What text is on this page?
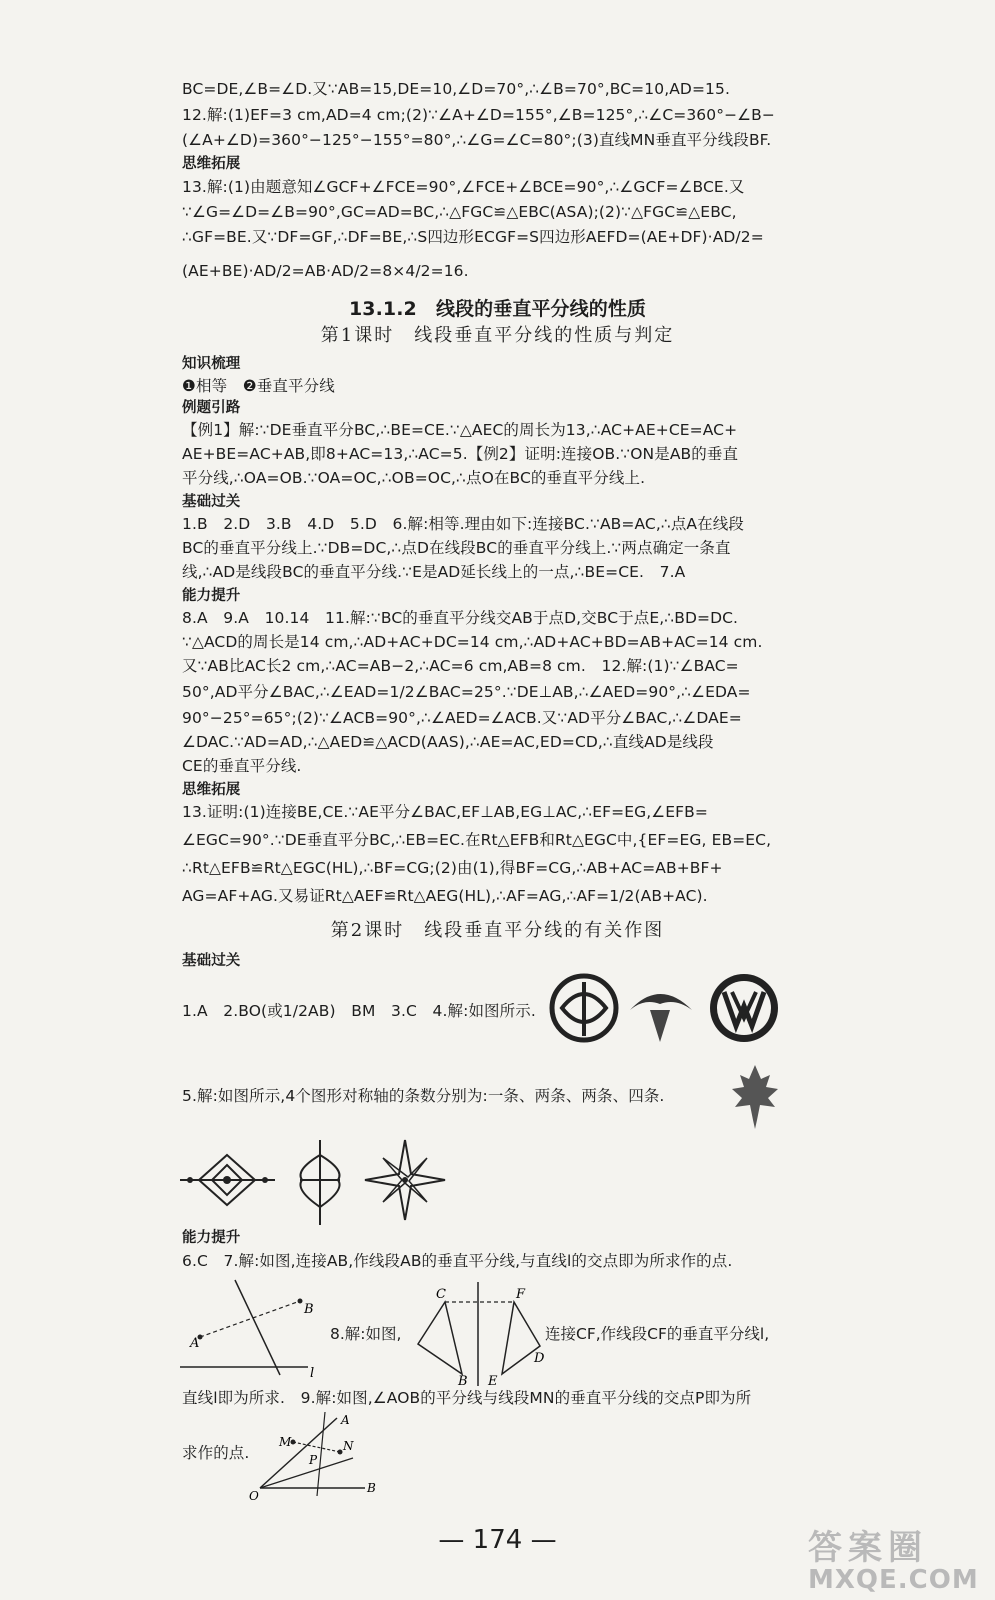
BC=DE,∠B=∠D.又∵AB=15,DE=10,∠D=70°,∴∠B=70°,BC=10,AD=15.
12.解:(1)EF=3 cm,AD=4 cm;(2)∵∠A+∠D=155°,∠B=125°,∴∠C=360°−∠B−
(∠A+∠D)=360°−125°−155°=80°,∴∠G=∠C=80°;(3)直线MN垂直平分线段BF.
思维拓展
13.解:(1)由题意知∠GCF+∠FCE=90°,∠FCE+∠BCE=90°,∴∠GCF=∠BCE.又
∵∠G=∠D=∠B=90°,GC=AD=BC,∴△FGC≌△EBC(ASA);(2)∵△FGC≌△EBC,
∴GF=BE.又∵DF=GF,∴DF=BE,∴S四边形ECGF=S四边形AEFD=(AE+DF)·AD/2=
(AE+BE)·AD/2=AB·AD/2=8×4/2=16.
13.1.2　线段的垂直平分线的性质
第1课时　线段垂直平分线的性质与判定
知识梳理
❶相等　❷垂直平分线
例题引路
【例1】解:∵DE垂直平分BC,∴BE=CE.∵△AEC的周长为13,∴AC+AE+CE=AC+
AE+BE=AC+AB,即8+AC=13,∴AC=5.【例2】证明:连接OB.∵ON是AB的垂直
平分线,∴OA=OB.∵OA=OC,∴OB=OC,∴点O在BC的垂直平分线上.
基础过关
1.B　2.D　3.B　4.D　5.D　6.解:相等.理由如下:连接BC.∵AB=AC,∴点A在线段
BC的垂直平分线上.∵DB=DC,∴点D在线段BC的垂直平分线上.∵两点确定一条直
线,∴AD是线段BC的垂直平分线.∵E是AD延长线上的一点,∴BE=CE.　7.A
能力提升
8.A　9.A　10.14　11.解:∵BC的垂直平分线交AB于点D,交BC于点E,∴BD=DC.
∵△ACD的周长是14 cm,∴AD+AC+DC=14 cm,∴AD+AC+BD=AB+AC=14 cm.
又∵AB比AC长2 cm,∴AC=AB−2,∴AC=6 cm,AB=8 cm.　12.解:(1)∵∠BAC=
50°,AD平分∠BAC,∴∠EAD=1/2∠BAC=25°.∵DE⊥AB,∴∠AED=90°,∴∠EDA=
90°−25°=65°;(2)∵∠ACB=90°,∴∠AED=∠ACB.又∵AD平分∠BAC,∴∠DAE=
∠DAC.∵AD=AD,∴△AED≌△ACD(AAS),∴AE=AC,ED=CD,∴直线AD是线段
CE的垂直平分线.
思维拓展
13.证明:(1)连接BE,CE.∵AE平分∠BAC,EF⊥AB,EG⊥AC,∴EF=EG,∠EFB=
∠EGC=90°.∵DE垂直平分BC,∴EB=EC.在Rt△EFB和Rt△EGC中,{EF=EG, EB=EC,
∴Rt△EFB≌Rt△EGC(HL),∴BF=CG;(2)由(1),得BF=CG,∴AB+AC=AB+BF+
AG=AF+AG.又易证Rt△AEF≌Rt△AEG(HL),∴AF=AG,∴AF=1/2(AB+AC).
第2课时　线段垂直平分线的有关作图
基础过关
1.A　2.BO(或1/2AB)　BM　3.C　4.解:如图所示.
5.解:如图所示,4个图形对称轴的条数分别为:一条、两条、两条、四条.
能力提升
6.C　7.解:如图,连接AB,作线段AB的垂直平分线,与直线l的交点即为所求作的点.
B
A
l
8.解:如图,
C	F
D
E
B
连接CF,作线段CF的垂直平分线l,
直线l即为所求.　9.解:如图,∠AOB的平分线与线段MN的垂直平分线的交点P即为所
求作的点.
A
M	N
P
O
B
— 174 —	答案圈
MXQE.COM
